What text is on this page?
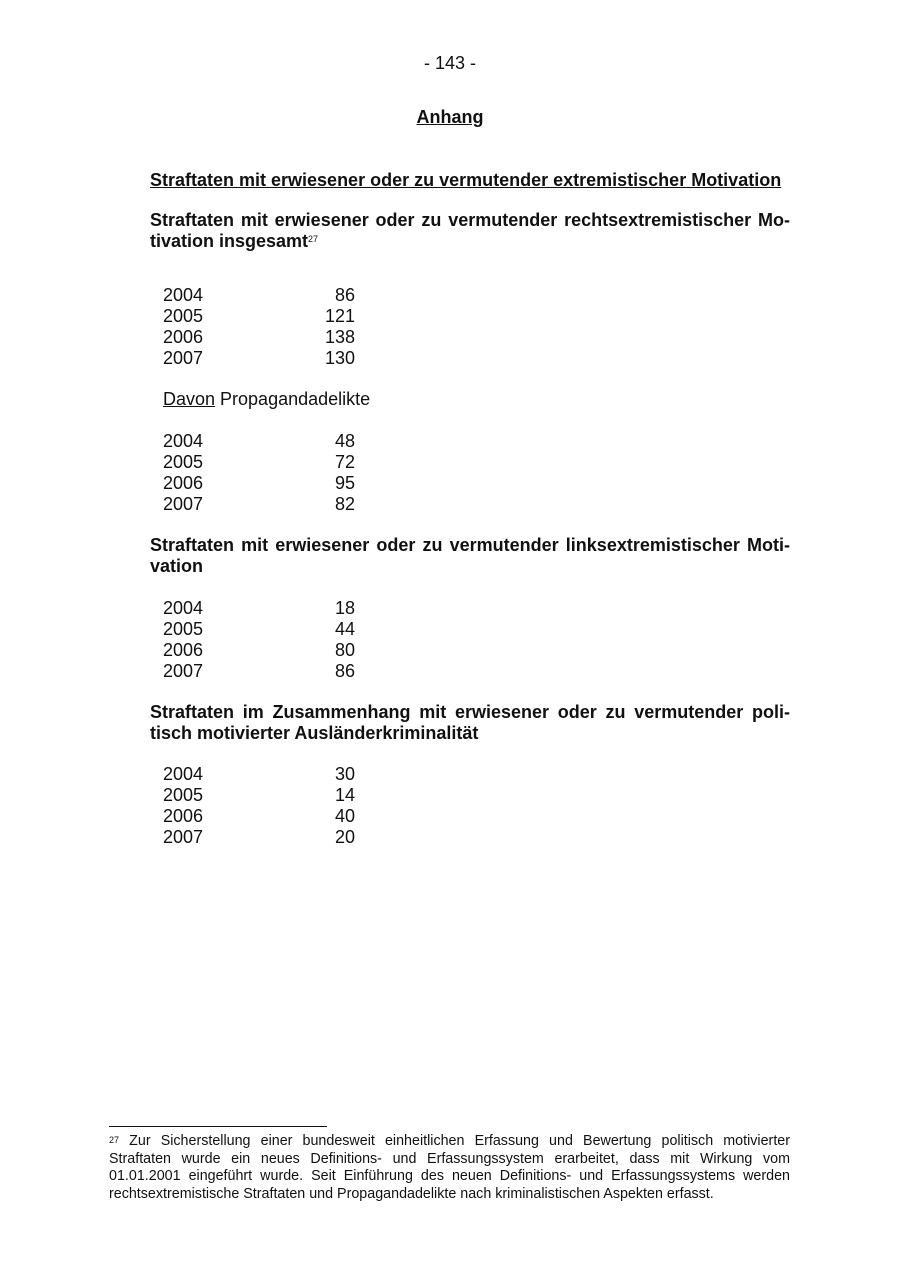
- 143 -
Anhang
Straftaten mit erwiesener oder zu vermutender extremistischer Motivation
Straftaten mit erwiesener oder zu vermutender rechtsextremistischer Mo-
tivation insgesamt$^{27}$
2004	86
2005	121
2006	138
2007	130
Davon Propagandadelikte
2004	48
2005	72
2006	95
2007	82
Straftaten mit erwiesener oder zu vermutender linksextremistischer Moti-
vation
2004	18
2005	44
2006	80
2007	86
Straftaten im Zusammenhang mit erwiesener oder zu vermutender poli-
tisch motivierter Ausländerkriminalität
2004	30
2005	14
2006	40
2007	20
$^{27}$ Zur Sicherstellung einer bundesweit einheitlichen Erfassung und Bewertung politisch motivierter Straftaten wurde ein neues Definitions- und Erfassungssystem erarbeitet, dass mit Wirkung vom 01.01.2001 eingeführt wurde. Seit Einführung des neuen Definitions- und Erfassungssystems werden rechtsextremistische Straftaten und Propagandadelikte nach kriminalistischen Aspekten erfasst.
